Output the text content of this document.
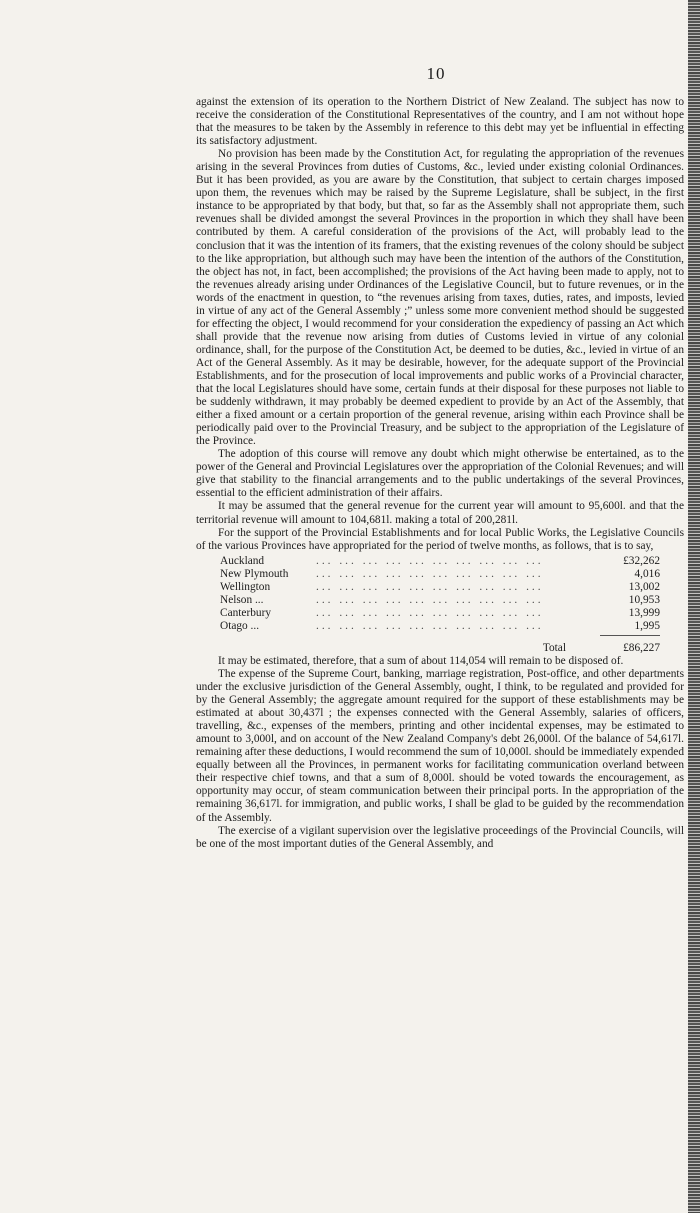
10

against the extension of its operation to the Northern District of New Zealand. The subject has now to receive the consideration of the Constitutional Representatives of the country, and I am not without hope that the measures to be taken by the Assembly in reference to this debt may yet be influential in effecting its satisfactory adjustment.

No provision has been made by the Constitution Act, for regulating the appropriation of the revenues arising in the several Provinces from duties of Customs, &c., levied under existing colonial Ordinances. But it has been provided, as you are aware by the Constitution, that subject to certain charges imposed upon them, the revenues which may be raised by the Supreme Legislature, shall be subject, in the first instance to be appropriated by that body, but that, so far as the Assembly shall not appropriate them, such revenues shall be divided amongst the several Provinces in the proportion in which they shall have been contributed by them. A careful consideration of the provisions of the Act, will probably lead to the conclusion that it was the intention of its framers, that the existing revenues of the colony should be subject to the like appropriation, but although such may have been the intention of the authors of the Constitution, the object has not, in fact, been accomplished; the provisions of the Act having been made to apply, not to the revenues already arising under Ordinances of the Legislative Council, but to future revenues, or in the words of the enactment in question, to “the revenues arising from taxes, duties, rates, and imposts, levied in virtue of any act of the General Assembly ;” unless some more convenient method should be suggested for effecting the object, I would recommend for your consideration the expediency of passing an Act which shall provide that the revenue now arising from duties of Customs levied in virtue of any colonial ordinance, shall, for the purpose of the Constitution Act, be deemed to be duties, &c., levied in virtue of an Act of the General Assembly. As it may be desirable, however, for the adequate support of the Provincial Establishments, and for the prosecution of local improvements and public works of a Provincial character, that the local Legislatures should have some, certain funds at their disposal for these purposes not liable to be suddenly withdrawn, it may probably be deemed expedient to provide by an Act of the Assembly, that either a fixed amount or a certain proportion of the general revenue, arising within each Province shall be periodically paid over to the Provincial Treasury, and be subject to the appropriation of the Legislature of the Province.

The adoption of this course will remove any doubt which might otherwise be entertained, as to the power of the General and Provincial Legislatures over the appropriation of the Colonial Revenues; and will give that stability to the financial arrangements and to the public undertakings of the several Provinces, essential to the efficient administration of their affairs.

It may be assumed that the general revenue for the current year will amount to 95,600l. and that the territorial revenue will amount to 104,681l. making a total of 200,281l.

For the support of the Provincial Establishments and for local Public Works, the Legislative Councils of the various Provinces have appropriated for the period of twelve months, as follows, that is to say,

Auckland	... ... ... ... ... ... ... ... ... ...	£32,262
New Plymouth	... ... ... ... ... ... ... ... ... ...	4,016
Wellington	... ... ... ... ... ... ... ... ... ...	13,002
Nelson ...	... ... ... ... ... ... ... ... ... ...	10,953
Canterbury	... ... ... ... ... ... ... ... ... ...	13,999
Otago ...	... ... ... ... ... ... ... ... ... ...	1,995
Total	£86,227

It may be estimated, therefore, that a sum of about 114,054 will remain to be disposed of.

The expense of the Supreme Court, banking, marriage registration, Post-office, and other departments under the exclusive jurisdiction of the General Assembly, ought, I think, to be regulated and provided for by the General Assembly; the aggregate amount required for the support of these establishments may be estimated at about 30,437l ; the expenses connected with the General Assembly, salaries of officers, travelling, &c., expenses of the members, printing and other incidental expenses, may be estimated to amount to 3,000l, and on account of the New Zealand Company's debt 26,000l. Of the balance of 54,617l. remaining after these deductions, I would recommend the sum of 10,000l. should be immediately expended equally between all the Provinces, in permanent works for facilitating communication overland between their respective chief towns, and that a sum of 8,000l. should be voted towards the encouragement, as opportunity may occur, of steam communication between their principal ports. In the appropriation of the remaining 36,617l. for immigration, and public works, I shall be glad to be guided by the recommendation of the Assembly.

The exercise of a vigilant supervision over the legislative proceedings of the Provincial Councils, will be one of the most important duties of the General Assembly, and
